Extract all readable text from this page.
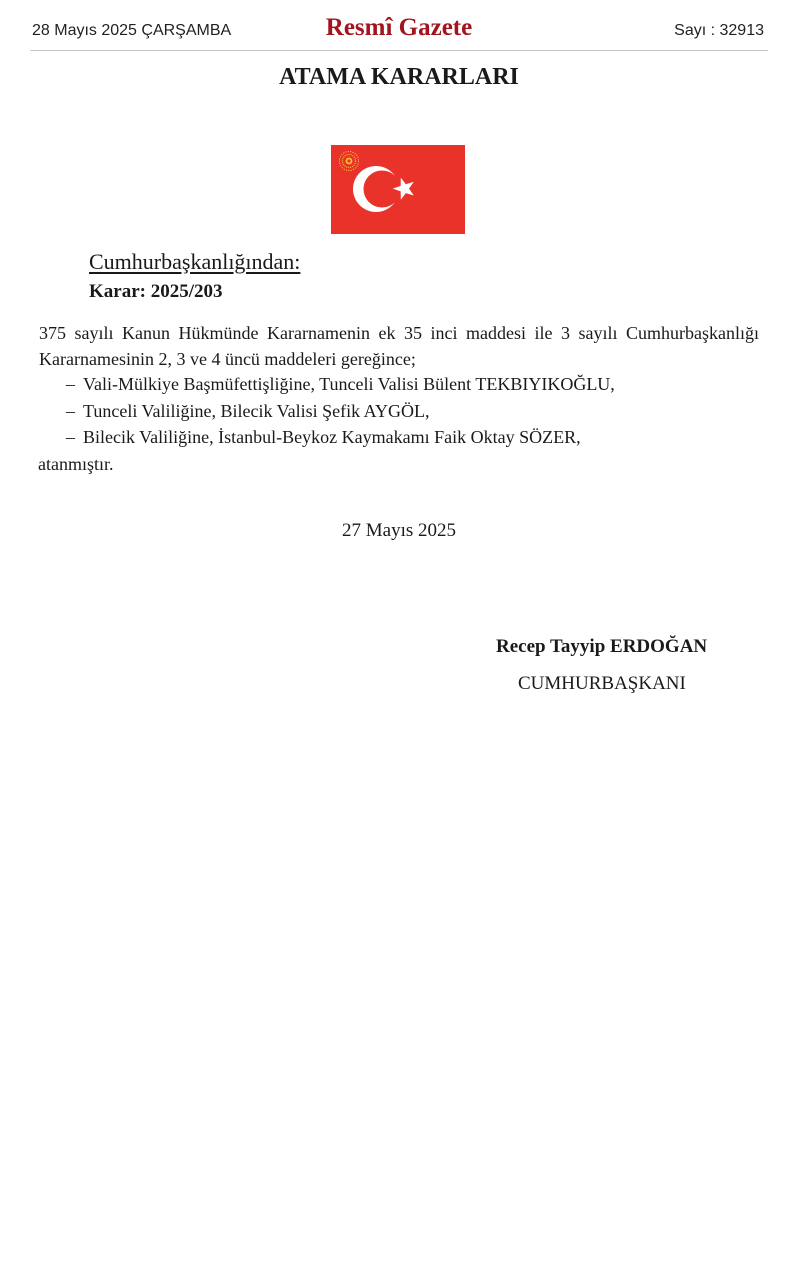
28 Mayıs 2025 ÇARŞAMBA	Resmî Gazete	Sayı : 32913
ATAMA KARARLARI
Cumhurbaşkanlığından:
Karar: 2025/203
375 sayılı Kanun Hükmünde Kararnamenin ek 35 inci maddesi ile 3 sayılı Cumhurbaşkanlığı Kararnamesinin 2, 3 ve 4 üncü maddeleri gereğince;
– Vali-Mülkiye Başmüfettişliğine, Tunceli Valisi Bülent TEKBIYIKOĞLU,
– Tunceli Valiliğine, Bilecik Valisi Şefik AYGÖL,
– Bilecik Valiliğine, İstanbul-Beykoz Kaymakamı Faik Oktay SÖZER,
atanmıştır.
27 Mayıs 2025
Recep Tayyip ERDOĞAN
CUMHURBAŞKANI
